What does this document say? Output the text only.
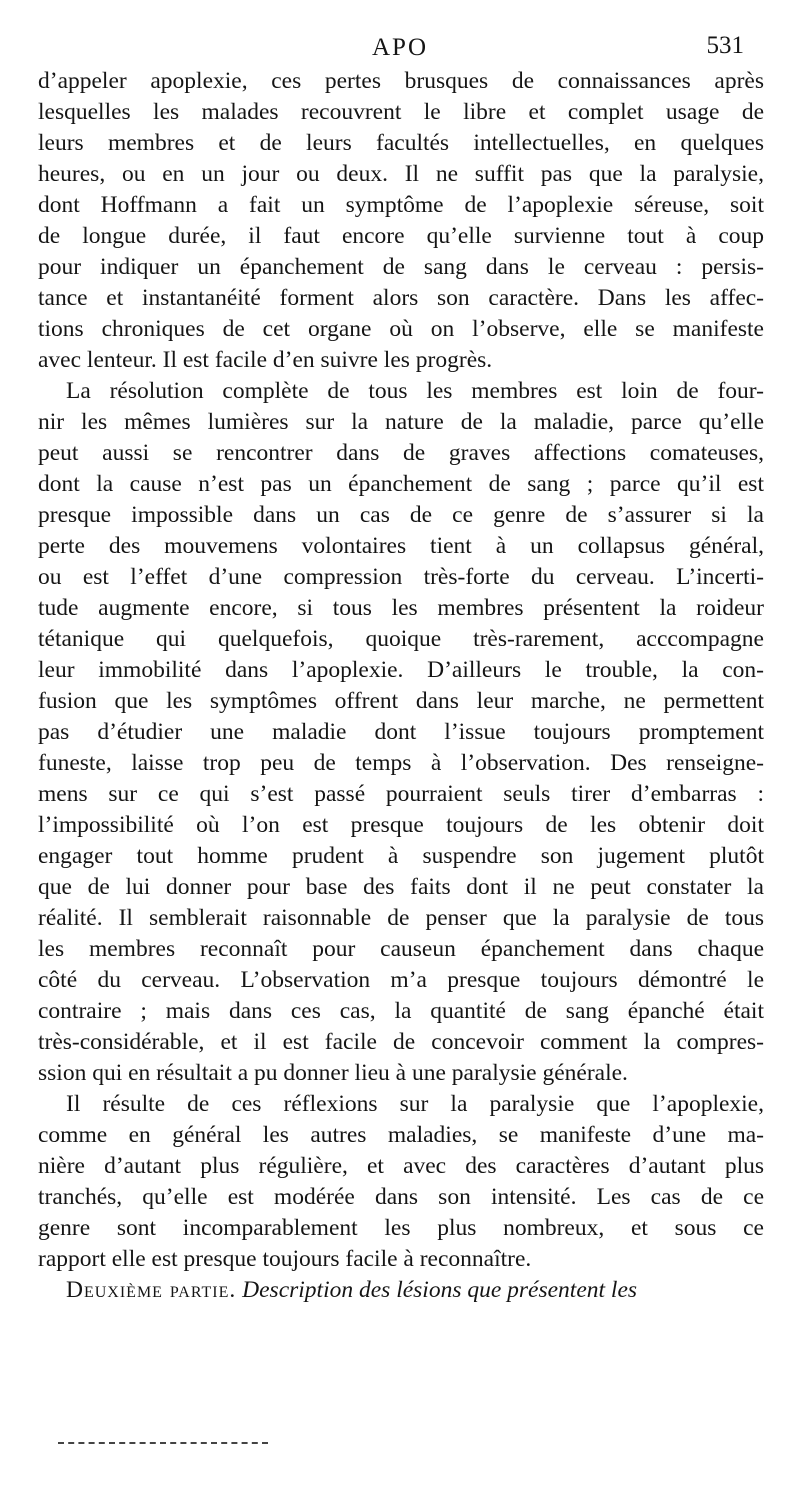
APO	531
d’appeler apoplexie, ces pertes brusques de connaissances après
lesquelles les malades recouvrent le libre et complet usage de
leurs membres et de leurs facultés intellectuelles, en quelques
heures, ou en un jour ou deux. Il ne suffit pas que la paralysie,
dont Hoffmann a fait un symptôme de l’apoplexie séreuse, soit
de longue durée, il faut encore qu’elle survienne tout à coup
pour indiquer un épanchement de sang dans le cerveau : persis-
tance et instantanéité forment alors son caractère. Dans les affec-
tions chroniques de cet organe où on l’observe, elle se manifeste
avec lenteur. Il est facile d’en suivre les progrès.
La résolution complète de tous les membres est loin de four-
nir les mêmes lumières sur la nature de la maladie, parce qu’elle
peut aussi se rencontrer dans de graves affections comateuses,
dont la cause n’est pas un épanchement de sang ; parce qu’il est
presque impossible dans un cas de ce genre de s’assurer si la
perte des mouvemens volontaires tient à un collapsus général,
ou est l’effet d’une compression très-forte du cerveau. L’incerti-
tude augmente encore, si tous les membres présentent la roideur
tétanique qui quelquefois, quoique très-rarement, acccompagne
leur immobilité dans l’apoplexie. D’ailleurs le trouble, la con-
fusion que les symptômes offrent dans leur marche, ne permettent
pas d’étudier une maladie dont l’issue toujours promptement
funeste, laisse trop peu de temps à l’observation. Des renseigne-
mens sur ce qui s’est passé pourraient seuls tirer d’embarras :
l’impossibilité où l’on est presque toujours de les obtenir doit
engager tout homme prudent à suspendre son jugement plutôt
que de lui donner pour base des faits dont il ne peut constater la
réalité. Il semblerait raisonnable de penser que la paralysie de tous
les membres reconnaît pour causeun épanchement dans chaque
côté du cerveau. L’observation m’a presque toujours démontré le
contraire ; mais dans ces cas, la quantité de sang épanché était
très-considérable, et il est facile de concevoir comment la compres-
ssion qui en résultait a pu donner lieu à une paralysie générale.
Il résulte de ces réflexions sur la paralysie que l’apoplexie,
comme en général les autres maladies, se manifeste d’une ma-
nière d’autant plus régulière, et avec des caractères d’autant plus
tranchés, qu’elle est modérée dans son intensité. Les cas de ce
genre sont incomparablement les plus nombreux, et sous ce
rapport elle est presque toujours facile à reconnaître.
Deuxième partie. Description des lésions que présentent les
